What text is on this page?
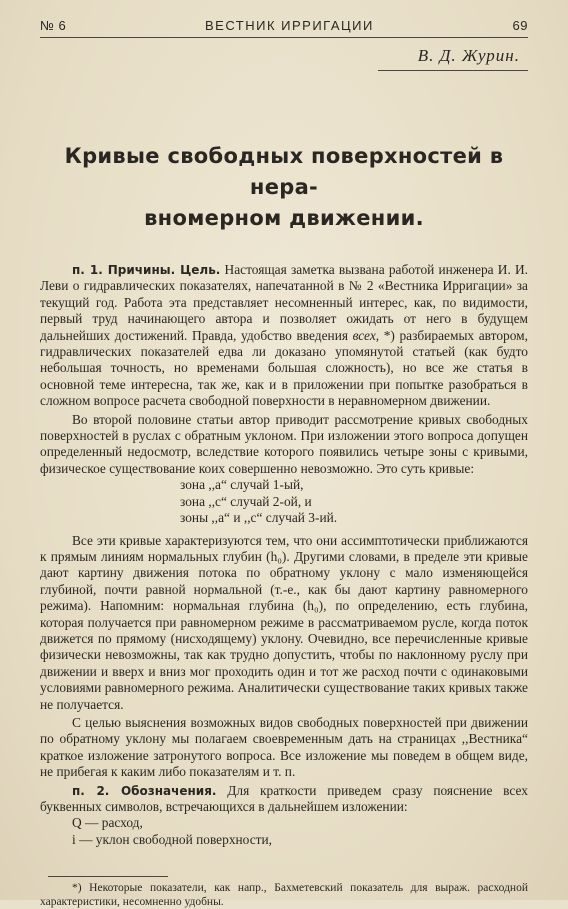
№ 6	ВЕСТНИК ИРРИГАЦИИ	69
В. Д. Журин.
Кривые свободных поверхностей в нера-
вномерном движении.

п. 1. Причины. Цель. Настоящая заметка вызвана работой инженера И. И. Леви о гидравлических показателях, напечатанной в № 2 «Вестника Ирригации» за текущий год. Работа эта представляет несомненный интерес, как, по видимости, первый труд начинающего автора и позволяет ожидать от него в будущем дальнейших достижений. Правда, удобство введения всех, *) разбираемых автором, гидравлических показателей едва ли доказано упомянутой статьей (как будто небольшая точность, но временами большая сложность), но все же статья в основной теме интересна, так же, как и в приложении при попытке разобраться в сложном вопросе расчета свободной поверхности в неравномерном движении.

Во второй половине статьи автор приводит рассмотрение кривых свободных поверхностей в руслах с обратным уклоном. При изложении этого вопроса допущен определенный недосмотр, вследствие которого появились четыре зоны с кривыми, физическое существование коих совершенно невозможно. Это суть кривые:

зона ,,а“ случай 1-ый,
зона ,,с“ случай 2-ой, и
зоны ,,а“ и ,,с“ случай 3-ий.

Все эти кривые характеризуются тем, что они ассимптотически приближаются к прямым линиям нормальных глубин (h₀). Другими словами, в пределе эти кривые дают картину движения потока по обратному уклону с мало изменяющейся глубиной, почти равной нормальной (т.-е., как бы дают картину равномерного режима). Напомним: нормальная глубина (h₀), по определению, есть глубина, которая получается при равномерном режиме в рассматриваемом русле, когда поток движется по прямому (нисходящему) уклону. Очевидно, все перечисленные кривые физически невозможны, так как трудно допустить, чтобы по наклонному руслу при движении и вверх и вниз мог проходить один и тот же расход почти с одинаковыми условиями равномерного режима. Аналитически существование таких кривых также не получается.

С целью выяснения возможных видов свободных поверхностей при движении по обратному уклону мы полагаем своевременным дать на страницах ,,Вестника“ краткое изложение затронутого вопроса. Все изложение мы поведем в общем виде, не прибегая к каким либо показателям и т. п.

п. 2. Обозначения. Для краткости приведем сразу пояснение всех буквенных символов, встречающихся в дальнейшем изложении:

Q — расход,
i — уклон свободной поверхности,

*) Некоторые показатели, как напр., Бахметевский показатель для выраж. расходной характеристики, несомненно удобны.
